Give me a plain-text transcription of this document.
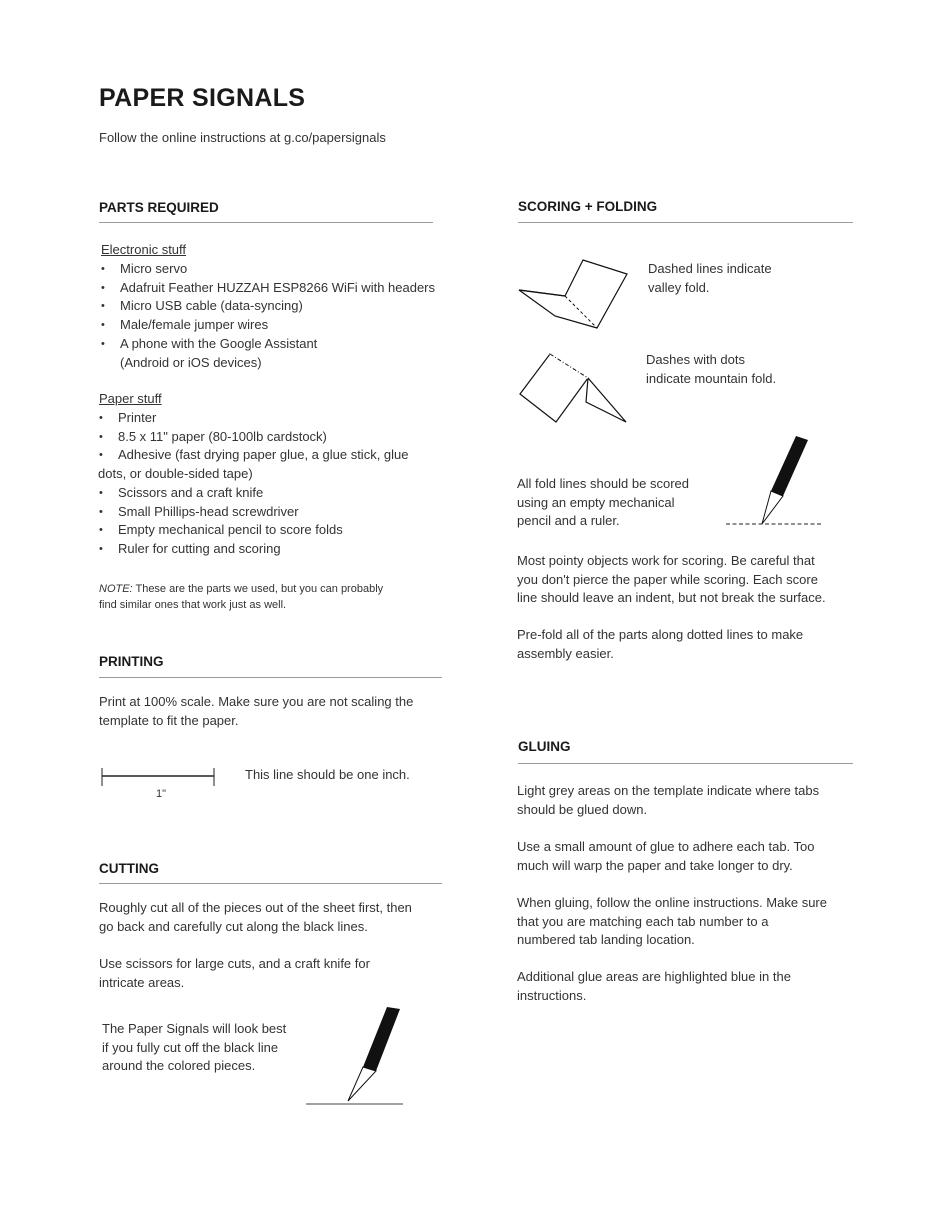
PAPER SIGNALS
Follow the online instructions at g.co/papersignals
PARTS REQUIRED
Electronic stuff
• Micro servo
• Adafruit Feather HUZZAH ESP8266 WiFi with headers
• Micro USB cable (data-syncing)
• Male/female jumper wires
• A phone with the Google Assistant
(Android or iOS devices)
Paper stuff
• Printer
• 8.5 x 11" paper (80-100lb cardstock)
• Adhesive (fast drying paper glue, a glue stick, glue
dots, or double-sided tape)
• Scissors and a craft knife
• Small Phillips-head screwdriver
• Empty mechanical pencil to score folds
• Ruler for cutting and scoring
NOTE: These are the parts we used, but you can probably
find similar ones that work just as well.
PRINTING
Print at 100% scale. Make sure you are not scaling the
template to fit the paper.
1"
This line should be one inch.
CUTTING
Roughly cut all of the pieces out of the sheet first, then
go back and carefully cut along the black lines.
Use scissors for large cuts, and a craft knife for
intricate areas.
The Paper Signals will look best
if you fully cut off the black line
around the colored pieces.
SCORING + FOLDING
Dashed lines indicate
valley fold.
Dashes with dots
indicate mountain fold.
All fold lines should be scored
using an empty mechanical
pencil and a ruler.
Most pointy objects work for scoring. Be careful that
you don't pierce the paper while scoring. Each score
line should leave an indent, but not break the surface.
Pre-fold all of the parts along dotted lines to make
assembly easier.
GLUING
Light grey areas on the template indicate where tabs
should be glued down.
Use a small amount of glue to adhere each tab. Too
much will warp the paper and take longer to dry.
When gluing, follow the online instructions. Make sure
that you are matching each tab number to a
numbered tab landing location.
Additional glue areas are highlighted blue in the
instructions.
